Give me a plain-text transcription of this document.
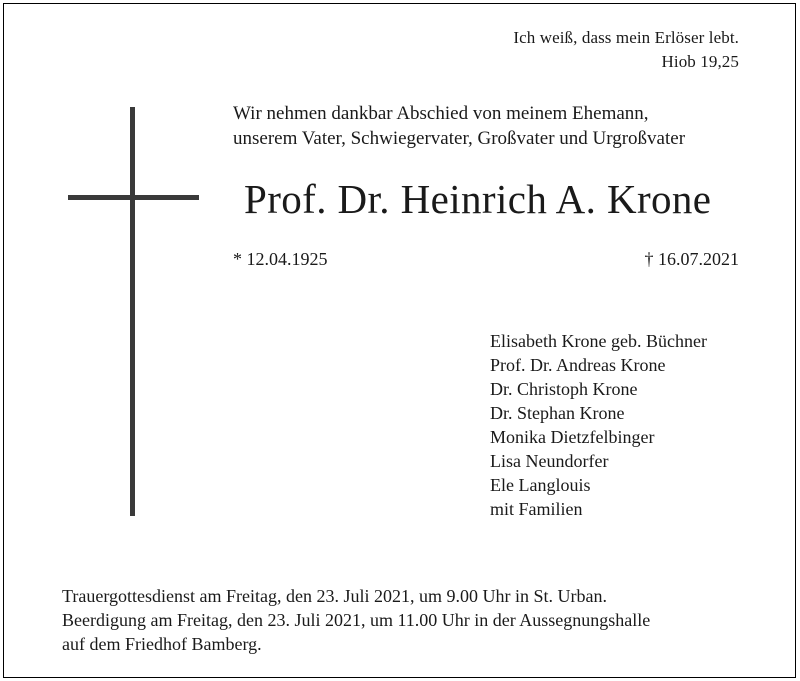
Ich weiß, dass mein Erlöser lebt.
Hiob 19,25
Wir nehmen dankbar Abschied von meinem Ehemann,
unserem Vater, Schwiegervater, Großvater und Urgroßvater
Prof. Dr. Heinrich A. Krone
* 12.04.1925	† 16.07.2021
Elisabeth Krone geb. Büchner
Prof. Dr. Andreas Krone
Dr. Christoph Krone
Dr. Stephan Krone
Monika Dietzfelbinger
Lisa Neundorfer
Ele Langlouis
mit Familien
Trauergottesdienst am Freitag, den 23. Juli 2021, um 9.00 Uhr in St. Urban.
Beerdigung am Freitag, den 23. Juli 2021, um 11.00 Uhr in der Aussegnungshalle
auf dem Friedhof Bamberg.
